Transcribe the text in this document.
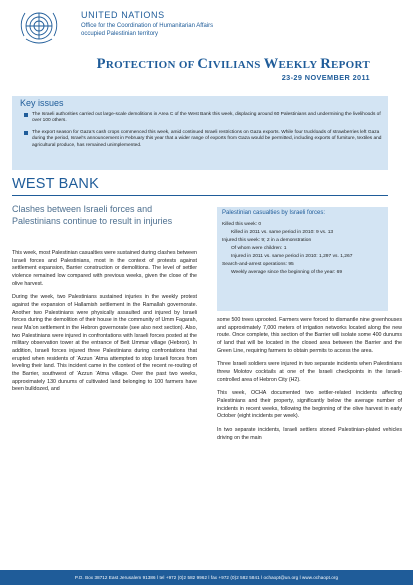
UNITED NATIONS
Office for the Coordination of Humanitarian Affairs
occupied Palestinian territory
PROTECTION OF CIVILIANS WEEKLY REPORT
23-29 NOVEMBER 2011
Key issues
The Israeli authorities carried out large-scale demolitions in Area C of the West Bank this week, displacing around 60 Palestinians and undermining the livelihoods of over 100 others.
The export season for Gaza’s cash crops commenced this week, amid continued Israeli restrictions on Gaza exports. While four truckloads of strawberries left Gaza during the period, Israel’s announcement in February this year that a wider range of exports from Gaza would be permitted, including exports of furniture, textiles and agricultural produce, has remained unimplemented.
WEST BANK
Clashes between Israeli forces and Palestinians continue to result in injuries

This week, most Palestinian casualties were sustained during clashes between Israeli forces and Palestinians, most in the context of protests against settlement expansion, Barrier construction or demolitions. The level of settler violence remained low compared with previous weeks, given the close of the olive harvest.

During the week, two Palestinians sustained injuries in the weekly protest against the expansion of Hallamish settlement in the Ramallah governorate. Another two Palestinians were physically assaulted and injured by Israeli forces during the demolition of their house in the community of Umm Fagarah, near Ma’on settlement in the Hebron governorate (see also next section). Also, two Palestinians were injured in confrontations with Israeli forces posted at the military observation tower at the entrance of Beit Ummar village (Hebron). In addition, Israeli forces injured three Palestinians during confrontations that erupted when residents of ‘Azzun ‘Atma attempted to stop Israeli forces from leveling their land. This incident came in the context of the recent re-routing of the Barrier, southwest of ‘Azzun ‘Atma village. Over the past two weeks, approximately 130 dunums of cultivated land belonging to 100 farmers have been bulldozed, and

Palestinian casualties by Israeli forces:
Killed this week: 0
Killed in 2011 vs. same period in 2010: 9 vs. 13
Injured this week: 9; 2 in a demonstration
Of whom were children: 1
Injured in 2011 vs. same period in 2010: 1,297 vs. 1,267
Search-and-arrest operations: 95
Weekly average since the beginning of the year: 69

some 500 trees uprooted. Farmers were forced to dismantle nine greenhouses and approximately 7,000 meters of irrigation networks located along the new route. Once complete, this section of the Barrier will isolate some 400 dunums of land that will be located in the closed area between the Barrier and the Green Line, requiring farmers to obtain permits to access the area.

Three Israeli soldiers were injured in two separate incidents when Palestinians threw Molotov cocktails at one of the Israeli checkpoints in the Israeli-controlled area of Hebron City (H2).

This week, OCHA documented two settler-related incidents affecting Palestinians and their property, significantly below the average number of incidents in recent weeks, following the beginning of the olive harvest in early October (eight incidents per week).

In two separate incidents, Israeli settlers stoned Palestinian-plated vehicles driving on the main

P.O. Box 38712 East Jerusalem 91386 l tel +972 (0)2 582 9962 l fax +972 (0)2 582 5841 l ochaopt@un.org l www.ochaopt.org
